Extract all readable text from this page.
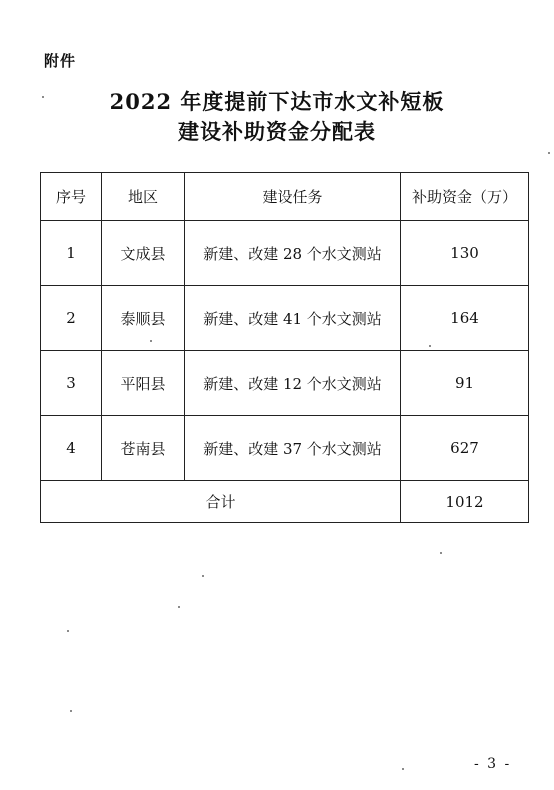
附件
2022 年度提前下达市水文补短板
建设补助资金分配表
序号	地区	建设任务	补助资金（万）
1	文成县	新建、改建 28 个水文测站	130
2	泰顺县	新建、改建 41 个水文测站	164
3	平阳县	新建、改建 12 个水文测站	91
4	苍南县	新建、改建 37 个水文测站	627
合计			1012
- 3 -
